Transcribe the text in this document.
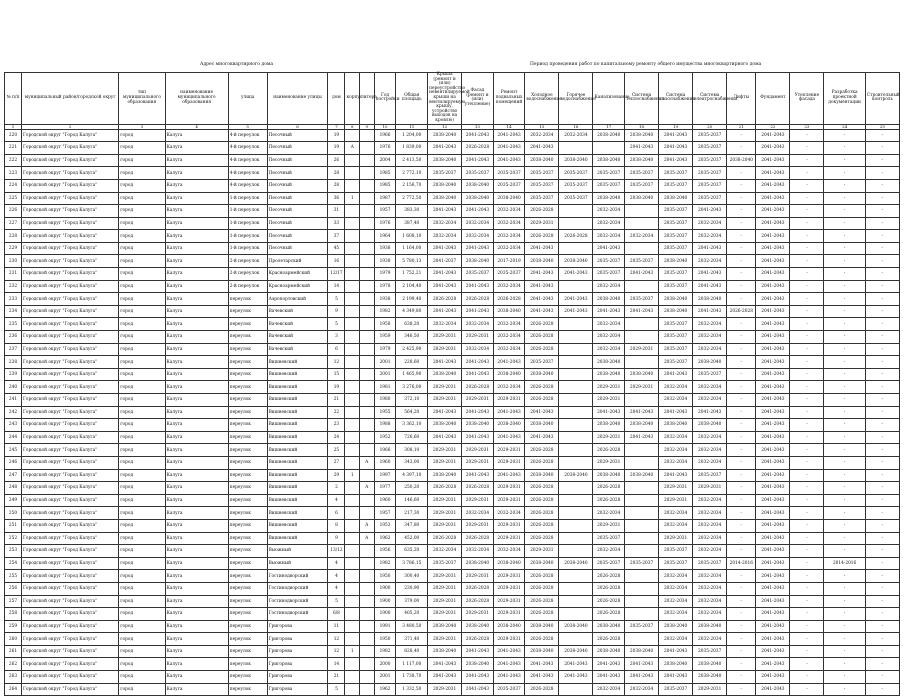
Адрес многоквартирного дома	Период проведения работ по капитальному ремонту общего имущества многоквартирного дома
№ п/п	муниципальный район/городской округ	тип муниципального образования	наименование муниципального образования	улица	наименование улицы	дом	корпус	литера	Год постройки	Общая площадь	Крыша (ремонт и (или) переустройство невентилируемой крыши на вентилируемую крышу, устройство выходов на кровлю)	Фасад (ремонт и (или) утепление)	Ремонт подвальных помещений	Холодное водоснабжение	Горячее водоснабжение	Канализование	Система теплоснабжения	Система газоснабжения	Система электроснабжения	Лифты	Фундамент	Утепление фасада	Разработка проектной документации	Строительный контроль
1	2	3	4	5	6	7	8	9	10	11	12	13	14	15	16	17	18	19	20	21	22	23	24	25
220	Городской округ "Город Калуга"	город	Калуга	4-й переулок	Песочный	19			1966	1 204,00	2038-2040	2041-2043	2041-2043	2032-2034	2032-2034	2038-2040	2038-2040	2041-2043	2035-2037	-	2041-2043	-	-	-
221	Городской округ "Город Калуга"	город	Калуга	4-й переулок	Песочный	19	А		1976	1 839,00	2041-2043	2026-2028	2041-2043	2041-2043			2041-2043	2041-2043	2035-2037	-	2041-2043	-	-	-
222	Городской округ "Город Калуга"	город	Калуга	4-й переулок	Песочный	26			2004	2 413,50	2038-2040	2041-2043	2041-2043	2038-2040	2038-2040	2038-2040	2038-2040	2041-2043	2035-2037	2038-2040	2041-2043	-	-	-
223	Городской округ "Город Калуга"	город	Калуга	4-й переулок	Песочный	28			1985	2 772,10	2035-2037	2035-2037	2035-2037	2035-2037	2035-2037	2035-2037	2035-2037	2035-2037	2035-2037	-	2041-2043	-	-	-
224	Городской округ "Город Калуга"	город	Калуга	4-й переулок	Песочный	28			1985	2 156,70	2038-2040	2038-2040	2035-2037	2035-2037	2035-2037	2035-2037	2035-2037	2035-2037	2035-2037	-	2041-2043	-	-	-
225	Городской округ "Город Калуга"	город	Калуга	1-й переулок	Песочный	36	1		1987	2 772,50	2038-2040	2038-2040	2038-2040	2035-2037	2035-2037	2038-2040	2038-2040	2038-2040	2035-2037	-	2041-2043	-	-	-
226	Городской округ "Город Калуга"	город	Калуга	1-й переулок	Песочный	31			1957	383,30	2041-2043	2041-2043	2032-2034	2026-2028		2032-2034		2035-2037	2041-2043	-	2041-2043	-	-	-
227	Городской округ "Город Калуга"	город	Калуга	1-й переулок	Песочный	33			1976	387,40	2032-2034	2032-2034	2032-2034	2029-2031		2032-2034		2035-2037	2032-2034	-	2041-2043	-	-	-
228	Городской округ "Город Калуга"	город	Калуга	1-й переулок	Песочный	37			1964	1 608,10	2032-2034	2032-2034	2032-2034	2026-2028	2026-2028	2032-2034	2032-2034	2035-2037	2032-2034	-	2041-2043	-	-	-
229	Городской округ "Город Калуга"	город	Калуга	1-й переулок	Песочный	45			1938	1 164,00	2041-2043	2041-2043	2032-2034	2041-2043		2041-2043		2035-2037	2041-2043	-	2041-2043	-	-	-
230	Городской округ "Город Калуга"	город	Калуга	2-й переулок	Пролетарский	16			1938	5 780,13	2041-2037	2038-2040	2017-2019	2038-2040	2038-2040	2035-2037	2035-2037	2038-2040	2032-2034	-	2041-2043	-	-	-
231	Городской округ "Город Калуга"	город	Калуга	2-й переулок	Красноармейский	12/17			1979	1 752,21	2041-2043	2035-2037	2035-2037	2041-2043	2041-2043	2035-2037	2041-2043	2035-2037	2041-2043	-	2041-2043	-	-	-
232	Городской округ "Город Калуга"	город	Калуга	2-й переулок	Красноармейский	14			1978	2 104,40	2041-2043	2041-2043	2032-2034	2041-2043		2032-2034		2035-2037	2041-2043	-	2041-2043	-	-	-
233	Городской округ "Город Калуга"	город	Калуга	переулок	Аэропортовский	5			1938	2 199,40	2026-2028	2026-2028	2026-2028	2041-2043	2041-2043	2038-2040	2035-2037	2038-2040	2038-2040	-	2041-2043	-	-	-
234	Городской округ "Город Калуга"	город	Калуга	переулок	Вачевский	9			1982	4 349,80	2041-2043	2041-2043	2038-2040	2041-2043	2041-2043	2041-2043	2041-2043	2038-2040	2041-2043	2026-2028	2041-2043	-	-	-
235	Городской округ "Город Калуга"	город	Калуга	переулок	Вачевский	5			1958	638,20	2032-2034	2032-2034	2032-2034	2026-2028		2032-2034		2035-2037	2032-2034	-	2041-2043	-	-	-
236	Городской округ "Город Калуга"	город	Калуга	переулок	Вачевский	3			1959	346,50	2029-2031	2029-2031	2032-2034	2026-2028		2032-2034		2035-2037	2032-2034	-	2041-2043	-	-	-
237	Городской округ "Город Калуга"	город	Калуга	переулок	Вачевский	6			1979	2 425,90	2029-2031	2032-2034	2032-2034	2026-2028		2032-2034	2029-2031	2035-2037	2032-2034	-	2041-2043	-	-	-
238	Городской округ "Город Калуга"	город	Калуга	переулок	Вишневский	12			2001	228,60	2041-2043	2041-2043	2041-2043	2035-2037		2038-2040		2035-2037	2038-2040	-	2041-2043	-	-	-
239	Городской округ "Город Калуга"	город	Калуга	переулок	Вишневский	15			2001	1 465,90	2038-2040	2041-2043	2038-2040	2038-2040		2038-2040	2038-2040	2041-2043	2035-2037	-	2041-2043	-	-	-
240	Городской округ "Город Калуга"	город	Калуга	переулок	Вишневский	19			1981	3 276,00	2029-2031	2026-2028	2032-2034	2026-2028		2029-2031	2029-2031	2032-2034	2032-2034	-	2041-2043	-	-	-
241	Городской округ "Город Калуга"	город	Калуга	переулок	Вишневский	21			1980	372,10	2029-2031	2029-2031	2029-2031	2026-2028		2029-2031		2032-2034	2032-2034	-	2041-2043	-	-	-
242	Городской округ "Город Калуга"	город	Калуга	переулок	Вишневский	22			1955	564,20	2041-2043	2041-2043	2041-2043	2041-2043		2041-2043	2041-2043	2041-2043	2041-2043	-	2041-2043	-	-	-
243	Городской округ "Город Калуга"	город	Калуга	переулок	Вишневский	23			1988	3 362,10	2038-2040	2038-2040	2038-2040	2038-2040		2038-2040	2038-2040	2038-2040	2038-2040	-	2041-2043	-	-	-
244	Городской округ "Город Калуга"	город	Калуга	переулок	Вишневский	24			1952	726,60	2041-2043	2041-2043	2041-2043	2041-2043		2029-2031	2041-2043	2032-2034	2032-2034	-	2041-2043	-	-	-
245	Городской округ "Город Калуга"	город	Калуга	переулок	Вишневский	25			1966	308,10	2029-2031	2029-2031	2029-2031	2026-2028		2026-2028		2032-2034	2032-2034	-	2041-2043	-	-	-
246	Городской округ "Город Калуга"	город	Калуга	переулок	Вишневский	27		А	1960	343,00	2029-2031	2029-2031	2029-2031	2026-2028		2029-2031		2032-2034	2032-2034	-	2041-2043	-	-	-
247	Городской округ "Город Калуга"	город	Калуга	переулок	Вишневский	29	1		1997	4 397,10	2038-2040	2041-2043	2041-2043	2038-2040	2038-2040	2038-2040	2038-2040	2041-2043	2035-2037	-	2041-2043	-	-	-
248	Городской округ "Город Калуга"	город	Калуга	переулок	Вишневский	2		А	1977	250,20	2026-2028	2026-2028	2029-2031	2026-2028		2026-2028		2029-2031	2029-2031	-	2041-2043	-	-	-
249	Городской округ "Город Калуга"	город	Калуга	переулок	Вишневский	4			1960	146,60	2029-2031	2029-2031	2029-2031	2026-2028		2026-2028		2029-2031	2032-2034	-	2041-2043	-	-	-
250	Городской округ "Город Калуга"	город	Калуга	переулок	Вишневский	6			1957	217,30	2029-2031	2032-2034	2032-2034	2026-2028		2032-2034		2032-2034	2032-2034	-	2041-2043	-	-	-
251	Городской округ "Город Калуга"	город	Калуга	переулок	Вишневский	8		А	1953	347,80	2029-2031	2029-2031	2029-2031	2026-2028		2029-2031		2032-2034	2032-2034	-	2041-2043	-	-	-
252	Городской округ "Город Калуга"	город	Калуга	переулок	Вишневский	9		А	1962	452,00	2026-2028	2026-2028	2029-2031	2026-2028		2035-2037		2029-2031	2032-2034	-	2041-2043	-	-	-
253	Городской округ "Город Калуга"	город	Калуга	переулок	Вьюжный	13/12			1956	635,20	2032-2034	2032-2034	2032-2034	2029-2031		2032-2034		2035-2037	2032-2034	-	2041-2043	-	-	-
254	Городской округ "Город Калуга"	город	Калуга	переулок	Вьюжный	4			1982	3 786,15	2035-2037	2038-2040	2038-2040	2038-2040	2038-2040	2035-2037	2035-2037	2035-2037	2035-2037	2014-2016	2041-2043	-	2014-2016	-
255	Городской округ "Город Калуга"	город	Калуга	переулок	Гостинодворский	4			1950	300,40	2029-2031	2029-2031	2029-2031	2026-2028		2026-2028		2032-2034	2032-2034	-	2041-2043	-	-	-
256	Городской округ "Город Калуга"	город	Калуга	переулок	Гостинодворский	4			1900	230,90	2029-2031	2026-2028	2029-2031	2026-2028		2026-2028		2032-2034	2032-2034	-	2041-2043	-	-	-
257	Городской округ "Город Калуга"	город	Калуга	переулок	Гостинодворский	5			1900	379,00	2029-2031	2026-2028	2029-2031	2026-2028		2026-2028		2032-2034	2032-2034	-	2041-2043	-	-	-
258	Городской округ "Город Калуга"	город	Калуга	переулок	Гостинодворский	6/8			1900	405,20	2029-2031	2029-2031	2029-2031	2026-2028		2026-2028		2032-2034	2032-2034	-	2041-2043	-	-	-
259	Городской округ "Город Калуга"	город	Калуга	переулок	Григорова	11			1991	3 480,50	2038-2040	2038-2040	2038-2040	2038-2040	2038-2040	2038-2040	2035-2037	2038-2040	2038-2040	-	2041-2043	-	-	-
260	Городской округ "Город Калуга"	город	Калуга	переулок	Григорова	12			1950	371,40	2029-2031	2026-2028	2029-2031	2026-2028		2026-2028		2032-2034	2032-2034	-	2041-2043	-	-	-
261	Городской округ "Город Калуга"	город	Калуга	переулок	Григорова	12	1		1982	828,40	2038-2040	2041-2043	2041-2043	2038-2040	2038-2040	2038-2040	2038-2040	2041-2043	2035-2037	-	2041-2043	-	-	-
262	Городской округ "Город Калуга"	город	Калуга	переулок	Григорова	14			2000	1 117,00	2041-2043	2038-2040	2041-2043	2041-2043	2041-2043	2041-2043	2041-2043	2038-2040	2038-2040	-	2041-2043	-	-	-
263	Городской округ "Город Калуга"	город	Калуга	переулок	Григорова	21			2001	1 738,70	2041-2043	2041-2043	2041-2043	2041-2043	2041-2043	2041-2043	2041-2043	2041-2043	2038-2040	-	2041-2043	-	-	-
264	Городской округ "Город Калуга"	город	Калуга	переулок	Григорова	5			1962	1 332,50	2029-2031	2041-2043	2035-2037	2026-2028		2032-2034	2032-2034	2035-2037	2029-2031	-	2041-2043	-	-	-
